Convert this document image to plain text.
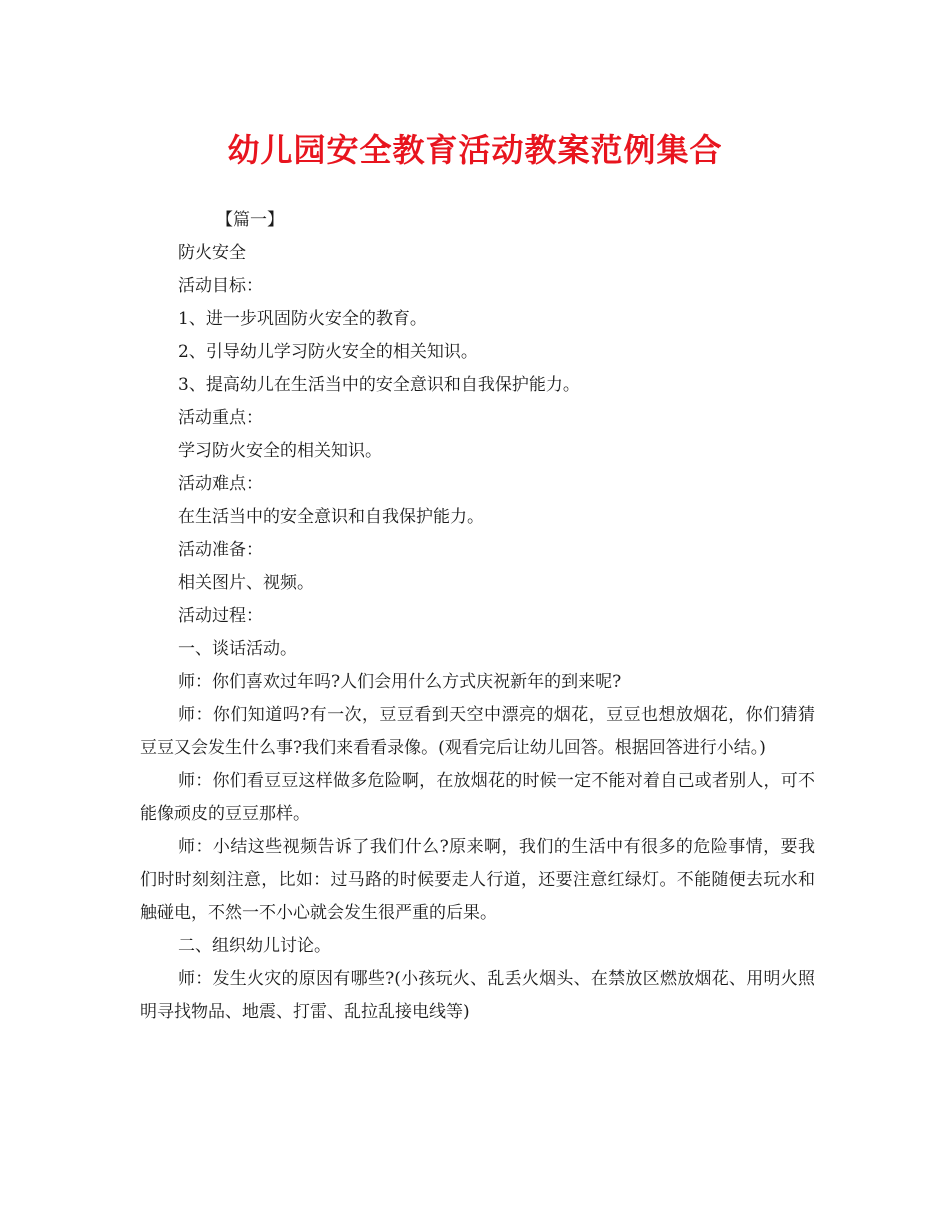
幼儿园安全教育活动教案范例集合

【篇一】

防火安全

活动目标：

1、进一步巩固防火安全的教育。

2、引导幼儿学习防火安全的相关知识。

3、提高幼儿在生活当中的安全意识和自我保护能力。

活动重点：

学习防火安全的相关知识。

活动难点：

在生活当中的安全意识和自我保护能力。

活动准备：

相关图片、视频。

活动过程：

一、谈话活动。

师：你们喜欢过年吗?人们会用什么方式庆祝新年的到来呢?

师：你们知道吗?有一次，豆豆看到天空中漂亮的烟花，豆豆也想放烟花，你们猜猜豆豆又会发生什么事?我们来看看录像。(观看完后让幼儿回答。根据回答进行小结。)

师：你们看豆豆这样做多危险啊，在放烟花的时候一定不能对着自己或者别人，可不能像顽皮的豆豆那样。

师：小结这些视频告诉了我们什么?原来啊，我们的生活中有很多的危险事情，要我们时时刻刻注意，比如：过马路的时候要走人行道，还要注意红绿灯。不能随便去玩水和触碰电，不然一不小心就会发生很严重的后果。

二、组织幼儿讨论。

师：发生火灾的原因有哪些?(小孩玩火、乱丢火烟头、在禁放区燃放烟花、用明火照明寻找物品、地震、打雷、乱拉乱接电线等)
